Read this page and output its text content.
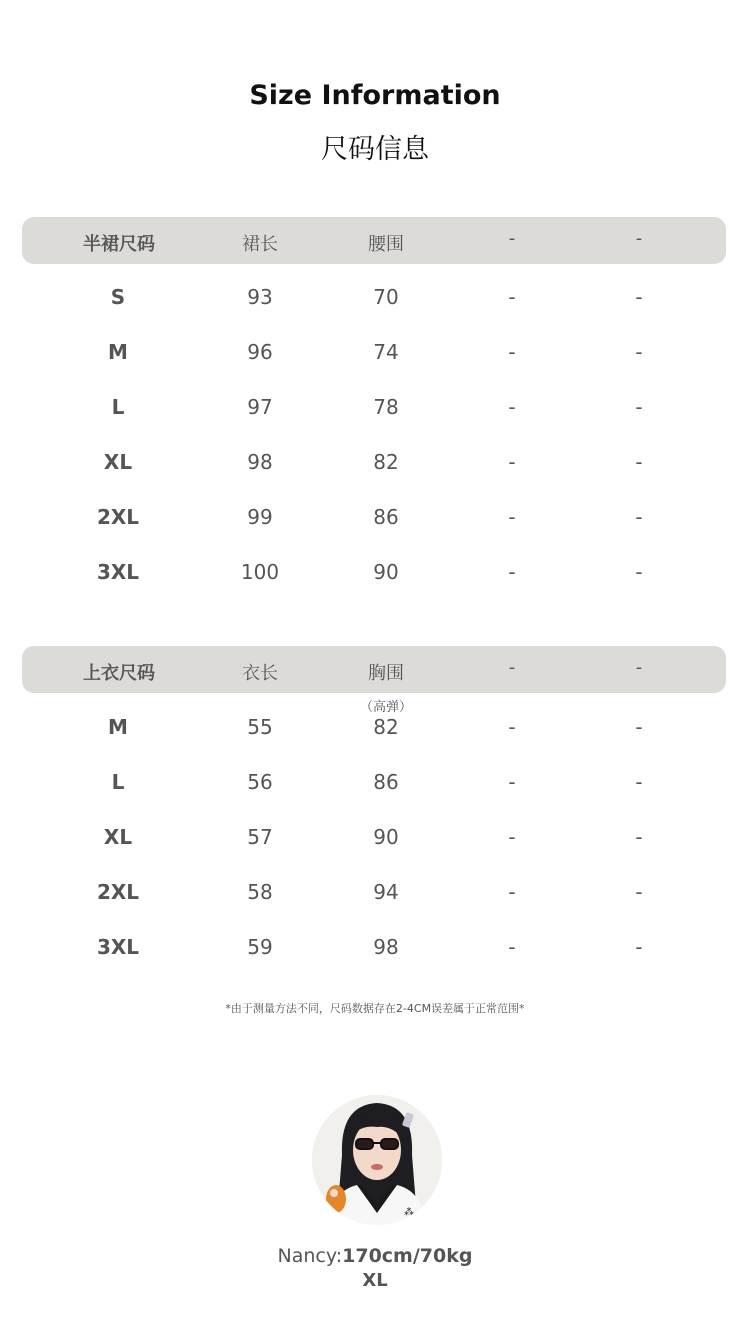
Size Information
尺码信息
半裙尺码	裙长	腰围	-	-
S	93	70	-	-
M	96	74	-	-
L	97	78	-	-
XL	98	82	-	-
2XL	99	86	-	-
3XL	100	90	-	-
上衣尺码	衣长	胸围	-	-
（高弹）
M	55	82	-	-
L	56	86	-	-
XL	57	90	-	-
2XL	58	94	-	-
3XL	59	98	-	-
*由于测量方法不同，尺码数据存在2-4CM误差属于正常范围*
⁂
Nancy:170cm/70kg
XL
